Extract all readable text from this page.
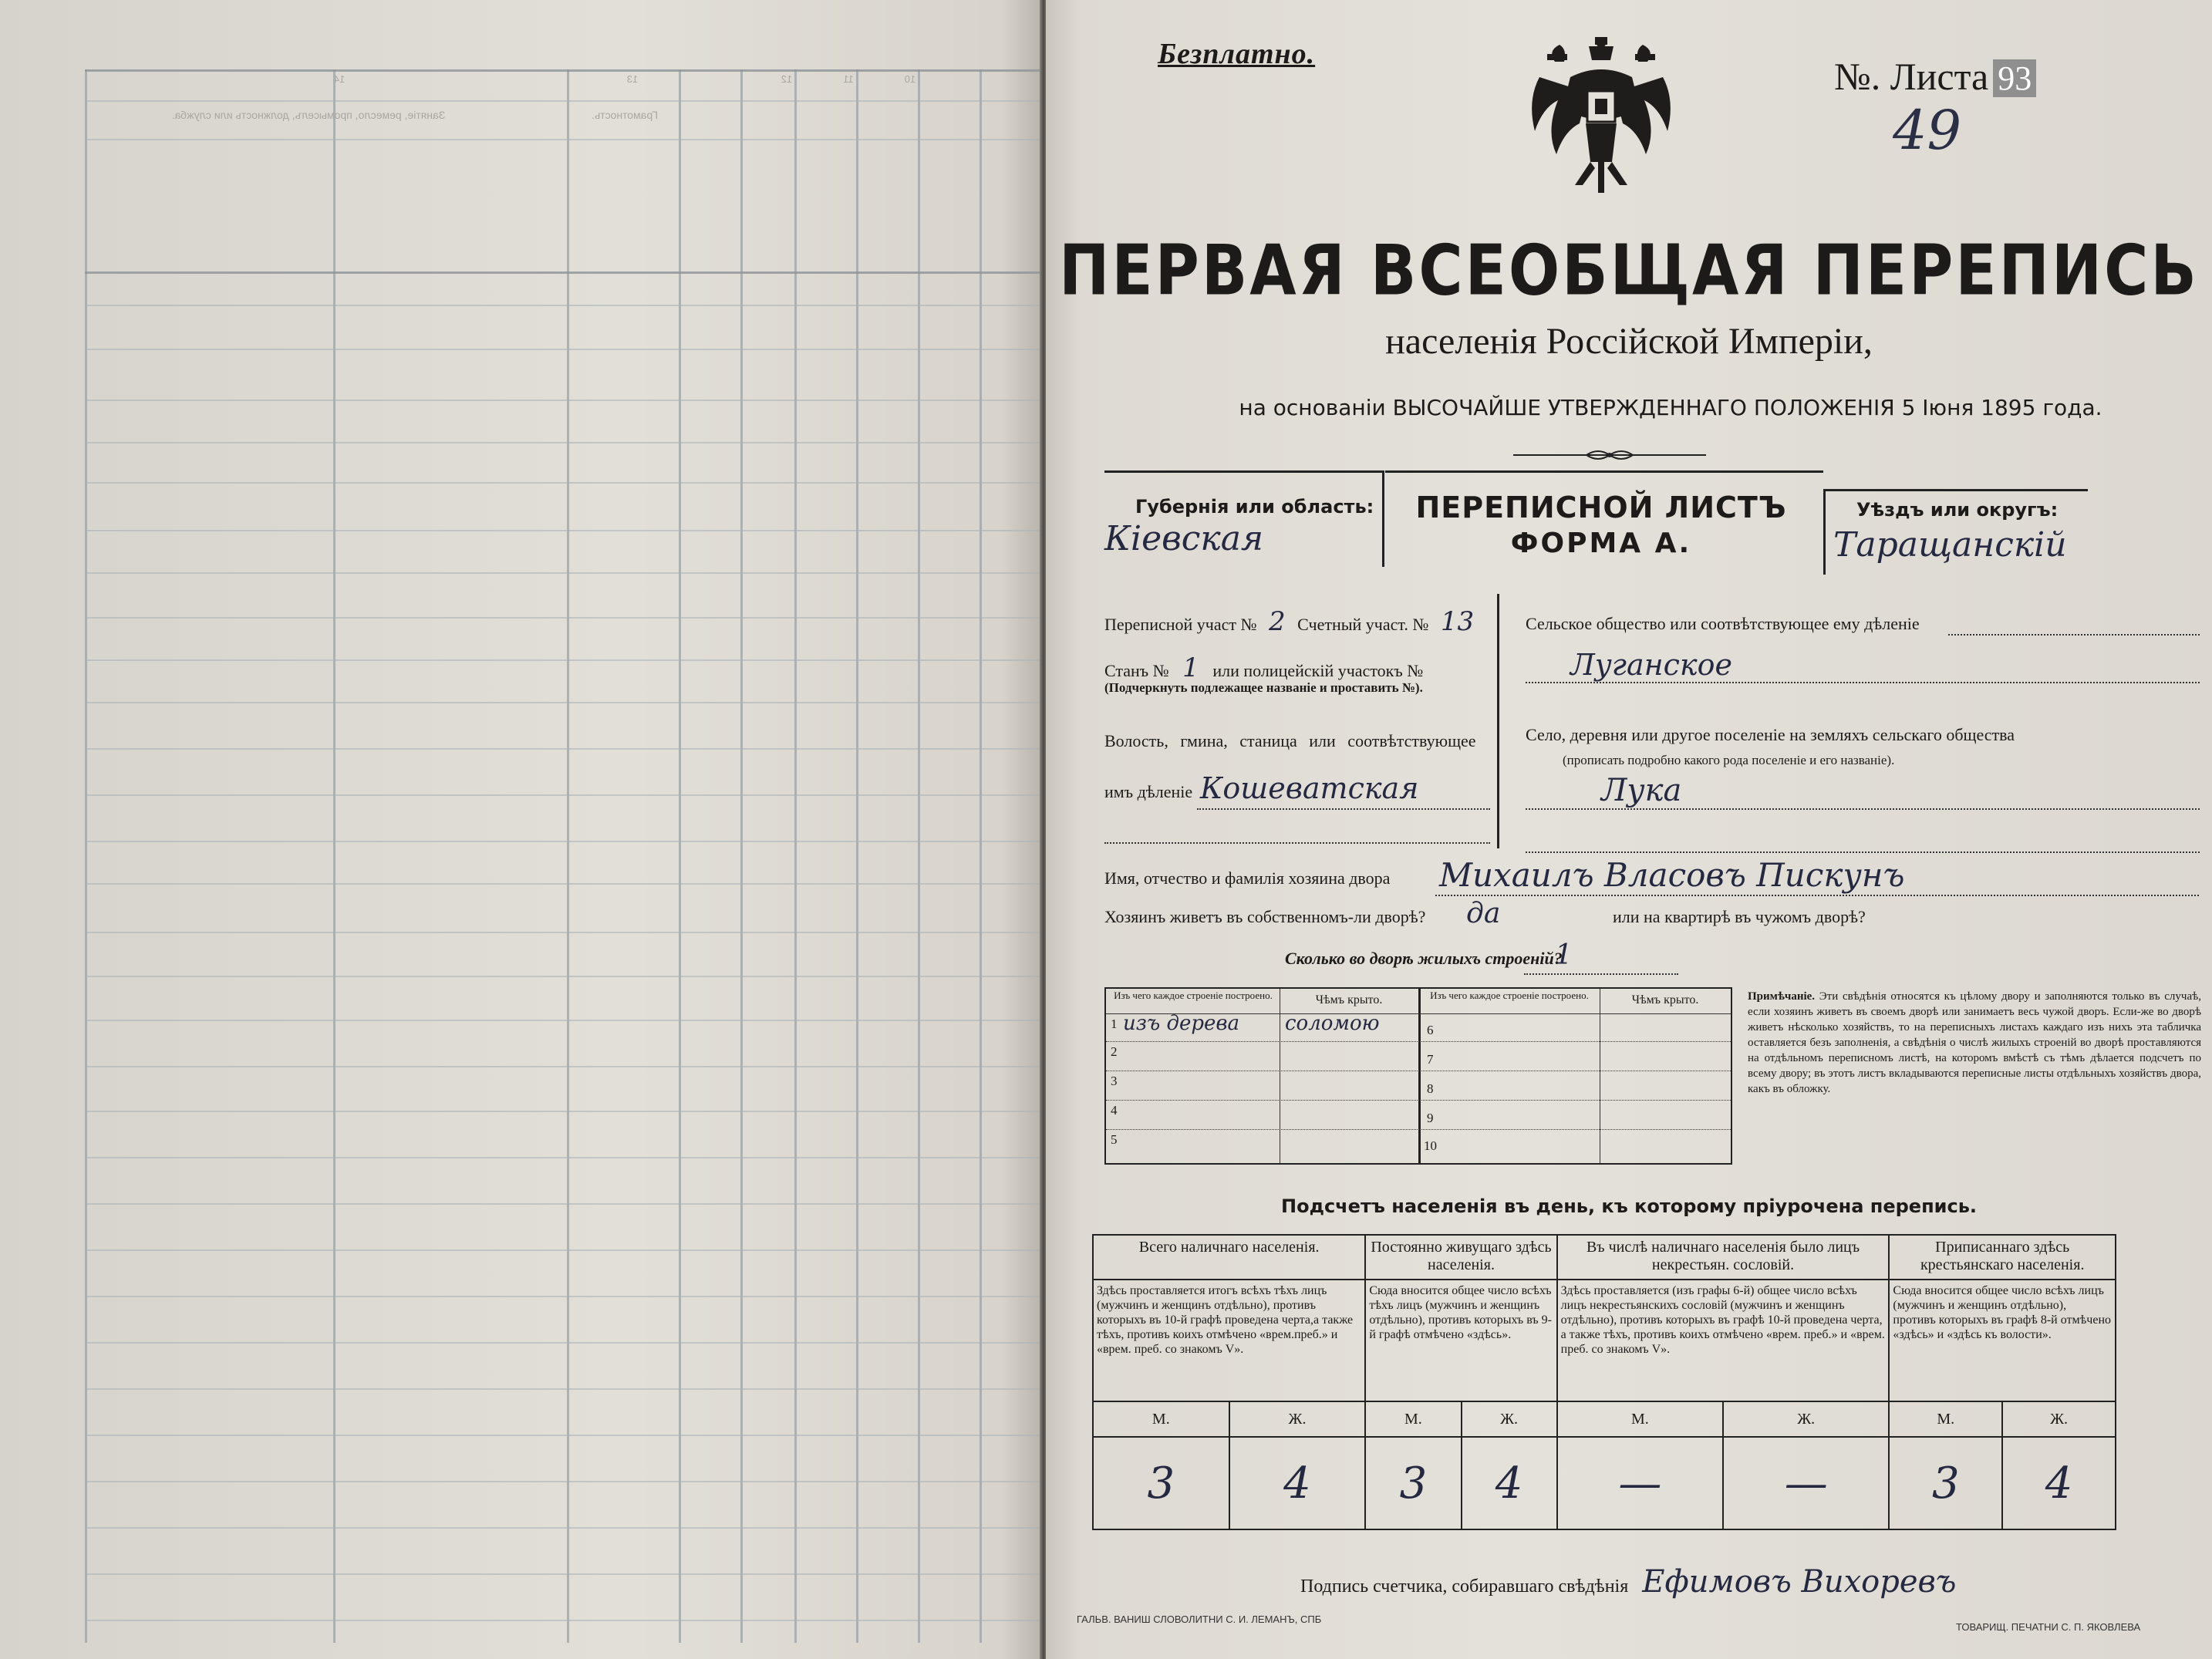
Занятіе, ремесло, промыселъ, должность или служба.	Грамотность.
14	13	12	11	10
Безплатно.
№. Листа 93
49
ПЕРВАЯ ВСЕОБЩАЯ ПЕРЕПИСЬ
населенія Россійской Имперіи,
на основаніи ВЫСОЧАЙШЕ УТВЕРЖДЕННАГО ПОЛОЖЕНІЯ 5 Іюня 1895 года.
Губернія или область:
Кіевская
ПЕРЕПИСНОЙ ЛИСТЪ
ФОРМА А.
Уѣздъ или округъ:
Таращанскій
Переписной участ № 2 Счетный участ. № 13
Станъ № 1 или полицейскій участокъ №
(Подчеркнуть подлежащее названіе и проставить №).
Волость, гмина, станица или соотвѣтствующее
имъ дѣленіе Кошеватская
Сельское общество или соотвѣтствующее ему дѣленіе
Луганское
Село, деревня или другое поселеніе на земляхъ сельскаго общества
(прописать подробно какого рода поселеніе и его названіе).
Лука
Имя, отчество и фамилія хозяина двора Михаилъ Власовъ Пискунъ
Хозяинъ живетъ въ собственномъ-ли дворѣ? да	или на квартирѣ въ чужомъ дворѣ?
Сколько во дворѣ жилыхъ строеній?
1
Изъ чего каждое строеніе построено.	Чѣмъ крыто.	Изъ чего каждое строеніе построено.	Чѣмъ крыто.
1 изъ дерева соломою
2
3
4
5
6
7
8
9
10
Примѣчаніе. Эти свѣдѣнія относятся къ цѣлому двору и заполняются только въ случаѣ, если хозяинъ живетъ въ своемъ дворѣ или занимаетъ весь чужой дворъ. Если-же во дворѣ живетъ нѣсколько хозяйствъ, то на переписныхъ листахъ каждаго изъ нихъ эта табличка оставляется безъ заполненія, а свѣдѣнія о числѣ жилыхъ строеній во дворѣ проставляются на отдѣльномъ переписномъ листѣ, на которомъ вмѣстѣ съ тѣмъ дѣлается подсчетъ по всему двору; въ этотъ листъ вкладываются переписные листы отдѣльныхъ хозяйствъ двора, какъ въ обложку.
Подсчетъ населенія въ день, къ которому пріурочена перепись.
Всего наличнаго населенія.		Постоянно живущаго здѣсь населенія.		Въ числѣ наличнаго населенія было лицъ некрестьян. сословій.		Приписаннаго здѣсь крестьянскаго населенія.	
Здѣсь проставляется итогъ всѣхъ тѣхъ лицъ (мужчинъ и женщинъ отдѣльно), противъ которыхъ въ 10-й графѣ проведена черта,а также тѣхъ, противъ коихъ отмѣчено «врем.преб.» и «врем. преб. со знакомъ V».		Сюда вносится общее число всѣхъ тѣхъ лицъ (мужчинъ и женщинъ отдѣльно), противъ которыхъ въ 9-й графѣ отмѣчено «здѣсь».		Здѣсь проставляется (изъ графы 6-й) общее число всѣхъ лицъ некрестьянскихъ сословій (мужчинъ и женщинъ отдѣльно), противъ которыхъ въ графѣ 10-й проведена черта, а также тѣхъ, противъ коихъ отмѣчено «врем. преб.» и «врем. преб. со знакомъ V».		Сюда вносится общее число всѣхъ лицъ (мужчинъ и женщинъ отдѣльно), противъ которыхъ въ графѣ 8-й отмѣчено «здѣсь» и «здѣсь къ волости».	
М.	Ж.	М.	Ж.	М.	Ж.	М.	Ж.
3	4	3	4	—	—	3	4
Подпись счетчика, собиравшаго свѣдѣнія Ефимовъ Вихоревъ
ГАЛЬВ. ВАНИШ СЛОВОЛИТНИ С. И. ЛЕМАНЪ, СПБ
ТОВАРИЩ. ПЕЧАТНИ С. П. ЯКОВЛЕВА
